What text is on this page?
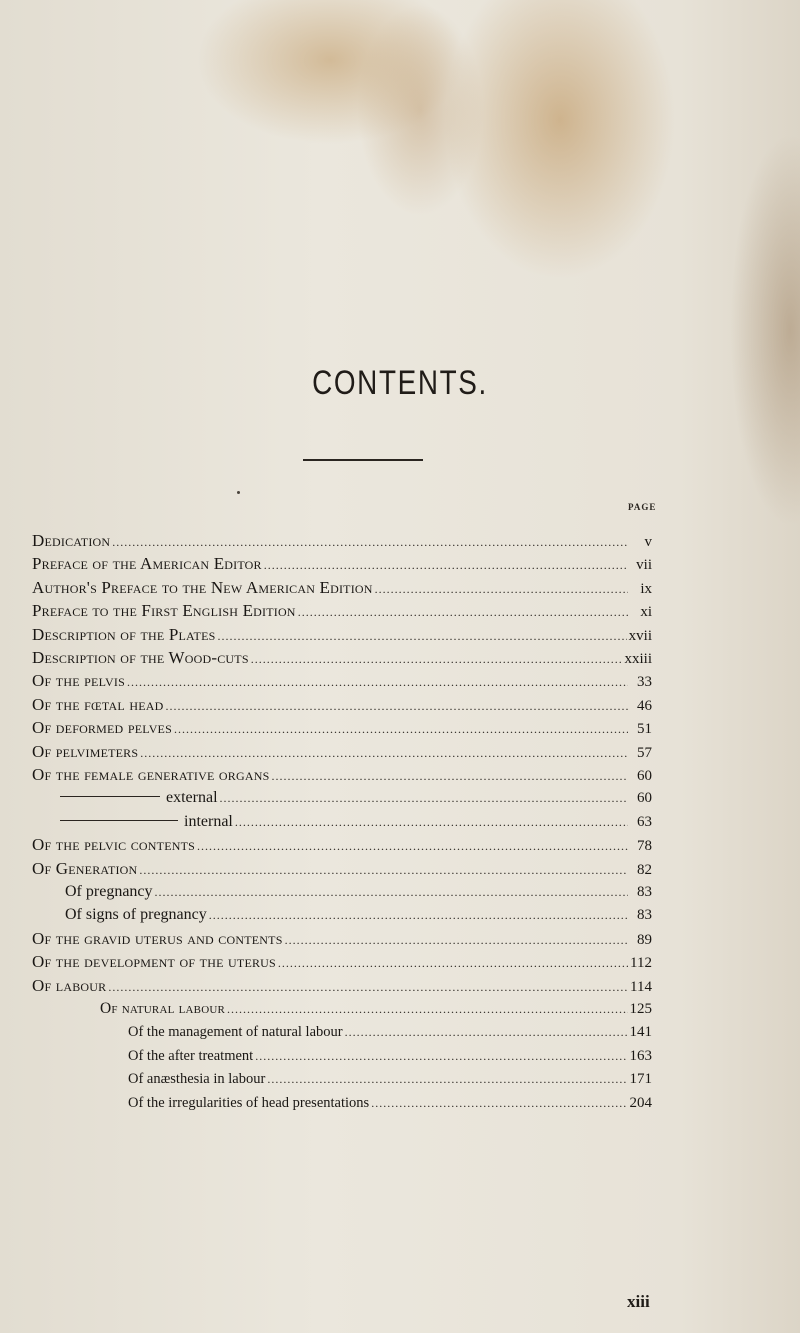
CONTENTS.
PAGE
Dedication .....	v
Preface of the American Editor .....	vii
Author's Preface to the New American Edition .....	ix
Preface to the First English Edition .....	xi
Description of the Plates .....	xvii
Description of the Wood-cuts .....	xxiii
Of the pelvis .....	33
Of the fœtal head .....	46
Of deformed pelves .....	51
Of pelvimeters .....	57
Of the female generative organs .....	60
external .....	60
internal .....	63
Of the pelvic contents .....	78
Of Generation .....	82
Of pregnancy .....	83
Of signs of pregnancy .....	83
Of the gravid uterus and contents .....	89
Of the development of the uterus .....	112
Of labour .....	114
Of natural labour .....	125
Of the management of natural labour .....	141
Of the after treatment .....	163
Of anæsthesia in labour .....	171
Of the irregularities of head presentations .....	204
xiii
